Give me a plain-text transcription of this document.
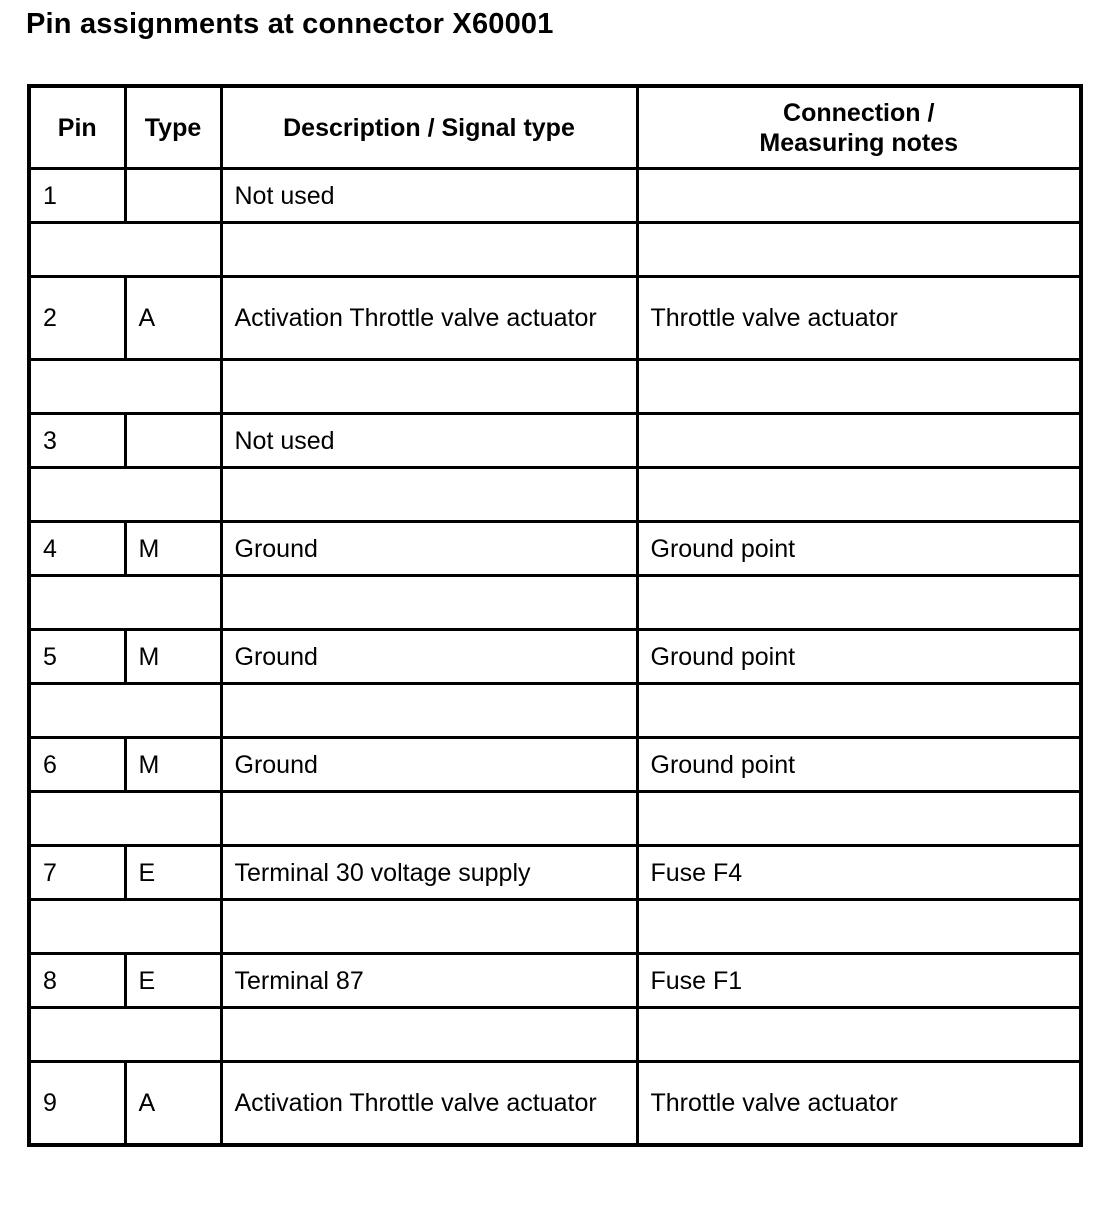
Pin assignments at connector X60001
Pin	Type	Description / Signal type	Connection /
Measuring notes

1		Not used	

2	A	Activation Throttle valve actuator	Throttle valve actuator

3		Not used	

4	M	Ground	Ground point

5	M	Ground	Ground point

6	M	Ground	Ground point

7	E	Terminal 30 voltage supply	Fuse F4

8	E	Terminal 87	Fuse F1

9	A	Activation Throttle valve actuator	Throttle valve actuator
